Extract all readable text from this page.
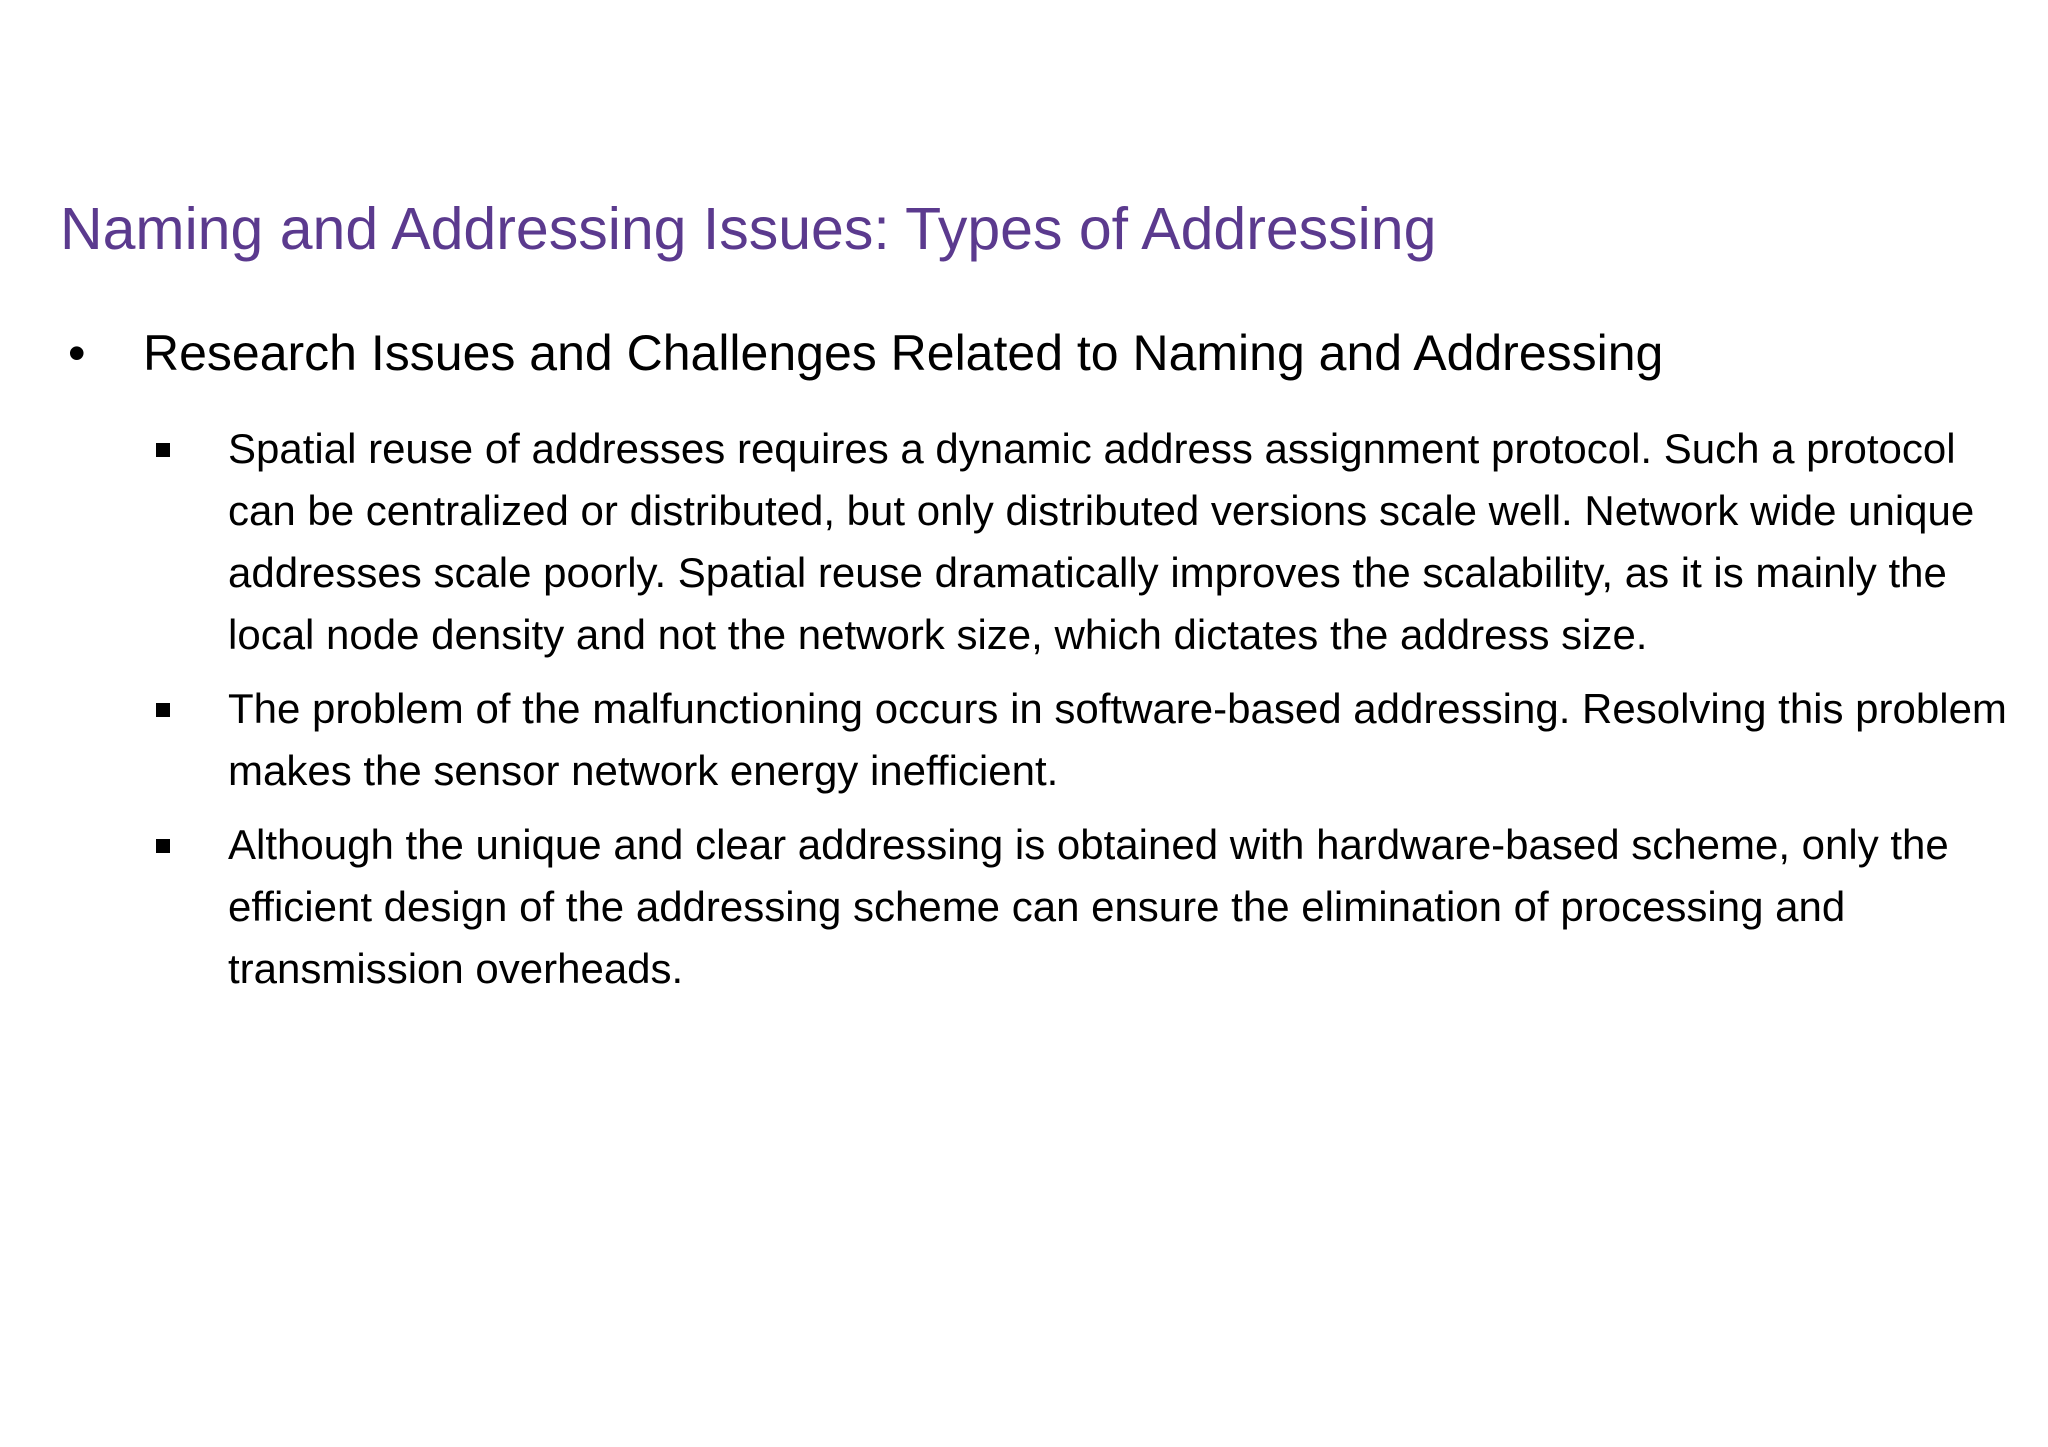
Naming and Addressing Issues: Types of Addressing
• Research Issues and Challenges Related to Naming and Addressing
Spatial reuse of addresses requires a dynamic address assignment protocol. Such a protocol can be centralized or distributed, but only distributed versions scale well. Network wide unique addresses scale poorly. Spatial reuse dramatically improves the scalability, as it is mainly the local node density and not the network size, which dictates the address size.
The problem of the malfunctioning occurs in software-based addressing. Resolving this problem makes the sensor network energy inefficient.
Although the unique and clear addressing is obtained with hardware-based scheme, only the efficient design of the addressing scheme can ensure the elimination of processing and transmission overheads.
